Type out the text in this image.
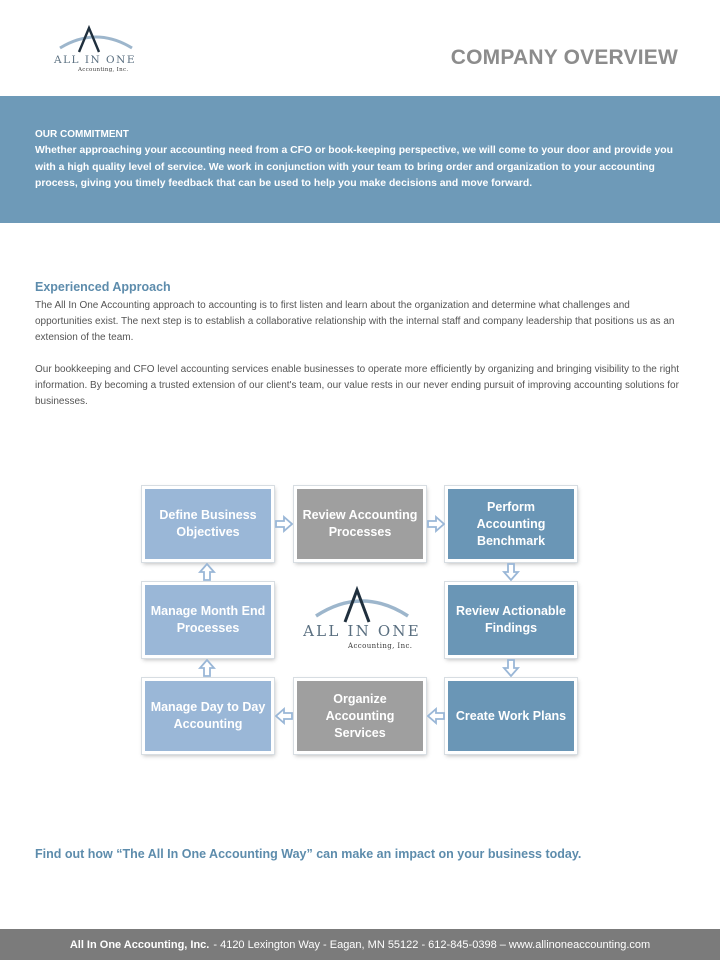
ALL IN ONE
Accounting, Inc.
COMPANY OVERVIEW
OUR COMMITMENT
Whether approaching your accounting need from a CFO or book-keeping perspective, we will come to your door and provide you with a high quality level of service. We work in conjunction with your team to bring order and organization to your accounting process, giving you timely feedback that can be used to help you make decisions and move forward.
Experienced Approach
The All In One Accounting approach to accounting is to first listen and learn about the organization and determine what challenges and opportunities exist. The next step is to establish a collaborative relationship with the internal staff and company leadership that positions us as an extension of the team.
Our bookkeeping and CFO level accounting services enable businesses to operate more efficiently by organizing and bringing visibility to the right information. By becoming a trusted extension of our client's team, our value rests in our never ending pursuit of improving accounting solutions for businesses.
Define Business Objectives
Review Accounting Processes
Perform Accounting Benchmark
Review Actionable Findings
Create Work Plans
Organize Accounting Services
Manage Day to Day Accounting
Manage Month End Processes	ALL IN ONE
Accounting, Inc.
Find out how “The All In One Accounting Way” can make an impact on your business today.
All In One Accounting, Inc. - 4120 Lexington Way - Eagan, MN 55122 - 612-845-0398 – www.allinoneaccounting.com
